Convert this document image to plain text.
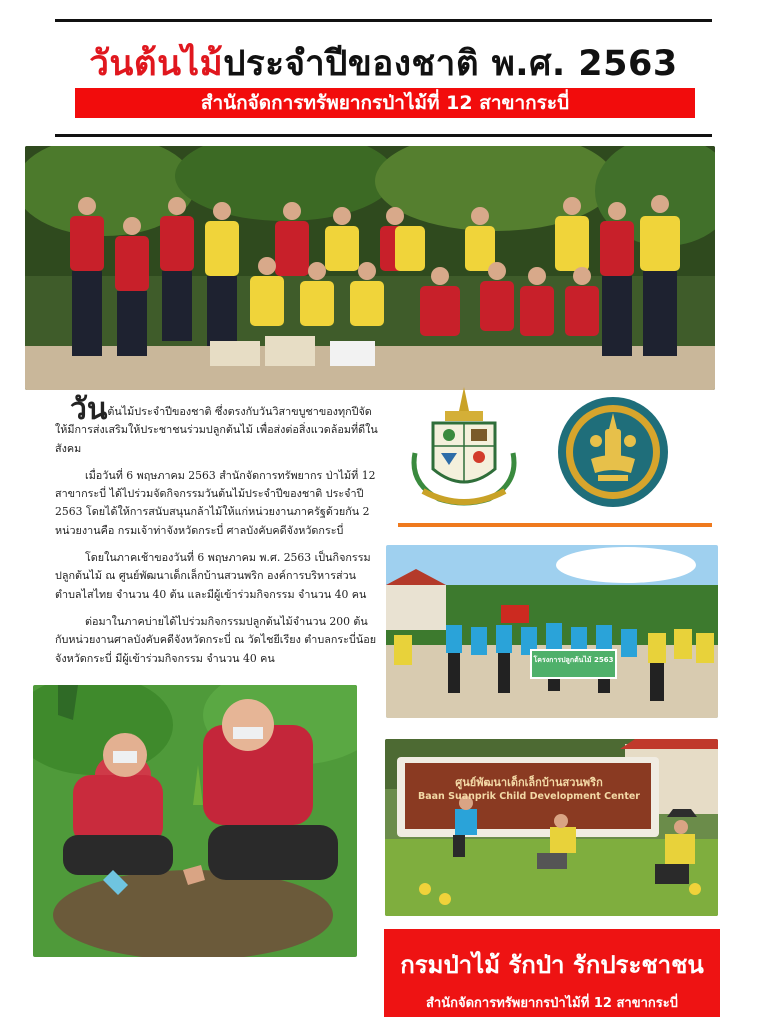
วันต้นไม้ประจำปีของชาติ พ.ศ. 2563
สำนักจัดการทรัพยากรป่าไม้ที่ 12 สาขากระบี่

วันต้นไม้ประจำปีของชาติ ซึ่งตรงกับวันวิสาขบูชาของทุกปีจัดให้มีการส่งเสริมให้ประชาชนร่วมปลูกต้นไม้ เพื่อส่งต่อสิ่งแวดล้อมที่ดีในสังคม

เมื่อวันที่ 6 พฤษภาคม 2563 สำนักจัดการทรัพยากร ป่าไม้ที่ 12 สาขากระบี่ ได้ไปร่วมจัดกิจกรรมวันต้นไม้ประจำปีของชาติ ประจำปี 2563 โดยได้ให้การสนับสนุนกล้าไม้ให้แก่หน่วยงานภาครัฐด้วยกัน 2 หน่วยงานคือ กรมเจ้าท่าจังหวัดกระบี่ ศาลบังคับคดีจังหวัดกระบี่

โดยในภาคเช้าของวันที่ 6 พฤษภาคม พ.ศ. 2563 เป็นกิจกรรมปลูกต้นไม้ ณ ศูนย์พัฒนาเด็กเล็กบ้านสวนพริก องค์การบริหารส่วนตำบลไสไทย จำนวน 40 ต้น และมีผู้เข้าร่วมกิจกรรม จำนวน 40 คน

ต่อมาในภาคบ่ายได้ไปร่วมกิจกรรมปลูกต้นไม้จำนวน 200 ต้น กับหน่วยงานศาลบังคับคดีจังหวัดกระบี่ ณ วัดไชยีเรียง ตำบลกระบี่น้อย จังหวัดกระบี่ มีผู้เข้าร่วมกิจกรรม จำนวน 40 คน	โครงการปลูกต้นไม้ 2563
ศูนย์พัฒนาเด็กเล็กบ้านสวนพริก
Baan Suanprik Child Development Center
กรมป่าไม้ รักป่า รักประชาชน
สำนักจัดการทรัพยากรป่าไม้ที่ 12 สาขากระบี่
